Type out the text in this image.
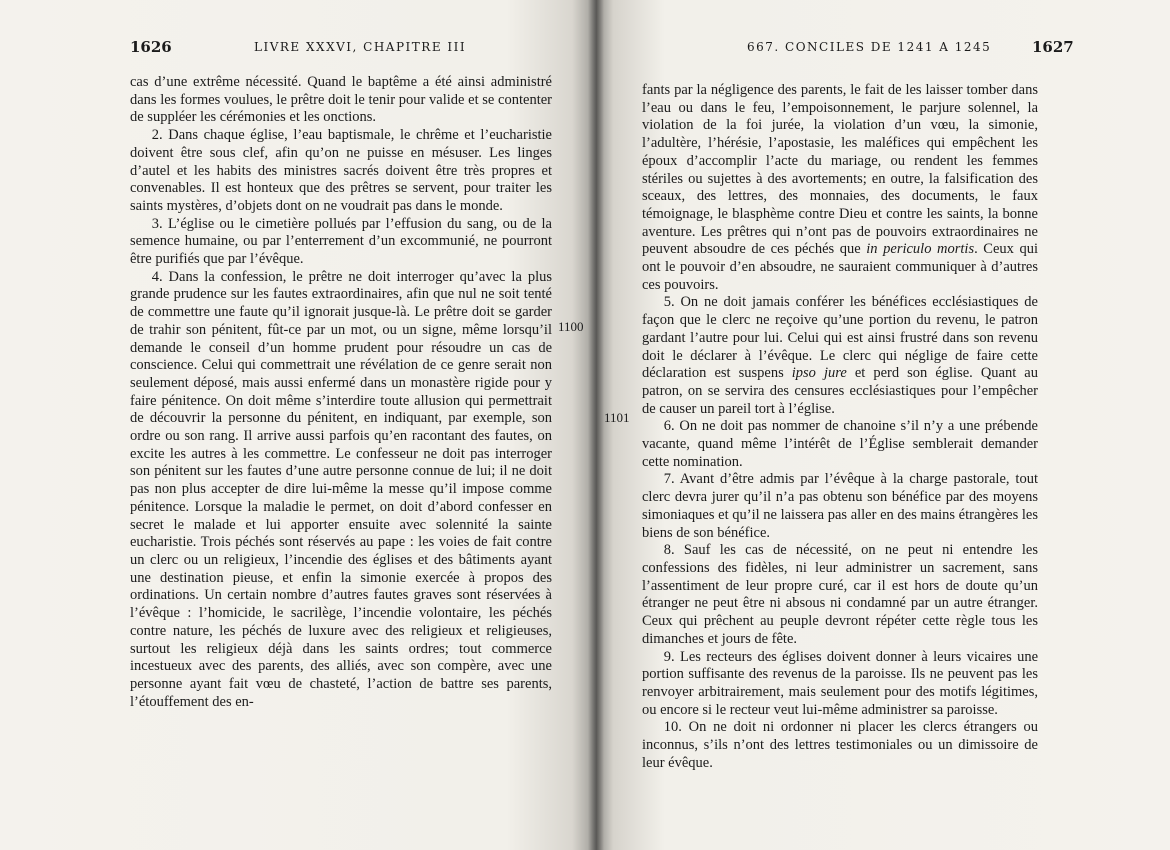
1626	LIVRE XXXVI, CHAPITRE III

cas d’une extrême nécessité. Quand le baptême a été ainsi administré dans les formes voulues, le prêtre doit le tenir pour valide et se contenter de suppléer les cérémonies et les onctions.

2. Dans chaque église, l’eau baptismale, le chrême et l’eucharistie doivent être sous clef, afin qu’on ne puisse en mésuser. Les linges d’autel et les habits des ministres sacrés doivent être très propres et convenables. Il est honteux que des prêtres se servent, pour traiter les saints mystères, d’objets dont on ne voudrait pas dans le monde.

3. L’église ou le cimetière pollués par l’effusion du sang, ou de la semence humaine, ou par l’enterrement d’un excommunié, ne pourront être purifiés que par l’évêque.

4. Dans la confession, le prêtre ne doit interroger qu’avec la plus grande prudence sur les fautes extraordinaires, afin que nul ne soit tenté de commettre une faute qu’il ignorait jusque-là. Le prêtre doit se garder de trahir son pénitent, fût-ce par un mot, ou un signe, même lorsqu’il demande le conseil d’un homme prudent pour résoudre un cas de conscience. Celui qui commettrait une révélation de ce genre serait non seulement déposé, mais aussi enfermé dans un monastère rigide pour y faire pénitence. On doit même s’interdire toute allusion qui permettrait de découvrir la personne du pénitent, en indiquant, par exemple, son ordre ou son rang. Il arrive aussi parfois qu’en racontant des fautes, on excite les autres à les commettre. Le confesseur ne doit pas interroger son pénitent sur les fautes d’une autre personne connue de lui; il ne doit pas non plus accepter de dire lui-même la messe qu’il impose comme pénitence. Lorsque la maladie le permet, on doit d’abord confesser en secret le malade et lui apporter ensuite avec solennité la sainte eucharistie. Trois péchés sont réservés au pape : les voies de fait contre un clerc ou un religieux, l’incendie des églises et des bâtiments ayant une destination pieuse, et enfin la simonie exercée à propos des ordinations. Un certain nombre d’autres fautes graves sont réservées à l’évêque : l’homicide, le sacrilège, l’incendie volontaire, les péchés contre nature, les péchés de luxure avec des religieux et religieuses, surtout les religieux déjà dans les saints ordres; tout commerce incestueux avec des parents, des alliés, avec son compère, avec une personne ayant fait vœu de chasteté, l’action de battre ses parents, l’étouffement des en-

667. CONCILES DE 1241 A 1245	1627

fants par la négligence des parents, le fait de les laisser tomber dans l’eau ou dans le feu, l’empoisonnement, le parjure solennel, la violation de la foi jurée, la violation d’un vœu, la simonie, l’adultère, l’hérésie, l’apostasie, les maléfices qui empêchent les époux d’accomplir l’acte du mariage, ou rendent les femmes stériles ou sujettes à des avortements; en outre, la falsification des sceaux, des lettres, des monnaies, des documents, le faux témoignage, le blasphème contre Dieu et contre les saints, la bonne aventure. Les prêtres qui n’ont pas de pouvoirs extraordinaires ne peuvent absoudre de ces péchés que in periculo mortis. Ceux qui ont le pouvoir d’en absoudre, ne sauraient communiquer à d’autres ces pouvoirs.

5. On ne doit jamais conférer les bénéfices ecclésiastiques de façon que le clerc ne reçoive qu’une portion du revenu, le patron gardant l’autre pour lui. Celui qui est ainsi frustré dans son revenu doit le déclarer à l’évêque. Le clerc qui néglige de faire cette déclaration est suspens ipso jure et perd son église. Quant au patron, on se servira des censures ecclésiastiques pour l’empêcher de causer un pareil tort à l’église.

6. On ne doit pas nommer de chanoine s’il n’y a une prébende vacante, quand même l’intérêt de l’Église semblerait demander cette nomination.

7. Avant d’être admis par l’évêque à la charge pastorale, tout clerc devra jurer qu’il n’a pas obtenu son bénéfice par des moyens simoniaques et qu’il ne laissera pas aller en des mains étrangères les biens de son bénéfice.

8. Sauf les cas de nécessité, on ne peut ni entendre les confessions des fidèles, ni leur administrer un sacrement, sans l’assentiment de leur propre curé, car il est hors de doute qu’un étranger ne peut être ni absous ni condamné par un autre étranger. Ceux qui prêchent au peuple devront répéter cette règle tous les dimanches et jours de fête.

9. Les recteurs des églises doivent donner à leurs vicaires une portion suffisante des revenus de la paroisse. Ils ne peuvent pas les renvoyer arbitrairement, mais seulement pour des motifs légitimes, ou encore si le recteur veut lui-même administrer sa paroisse.

10. On ne doit ni ordonner ni placer les clercs étrangers ou inconnus, s’ils n’ont des lettres testimoniales ou un dimissoire de leur évêque.

1100
1101
